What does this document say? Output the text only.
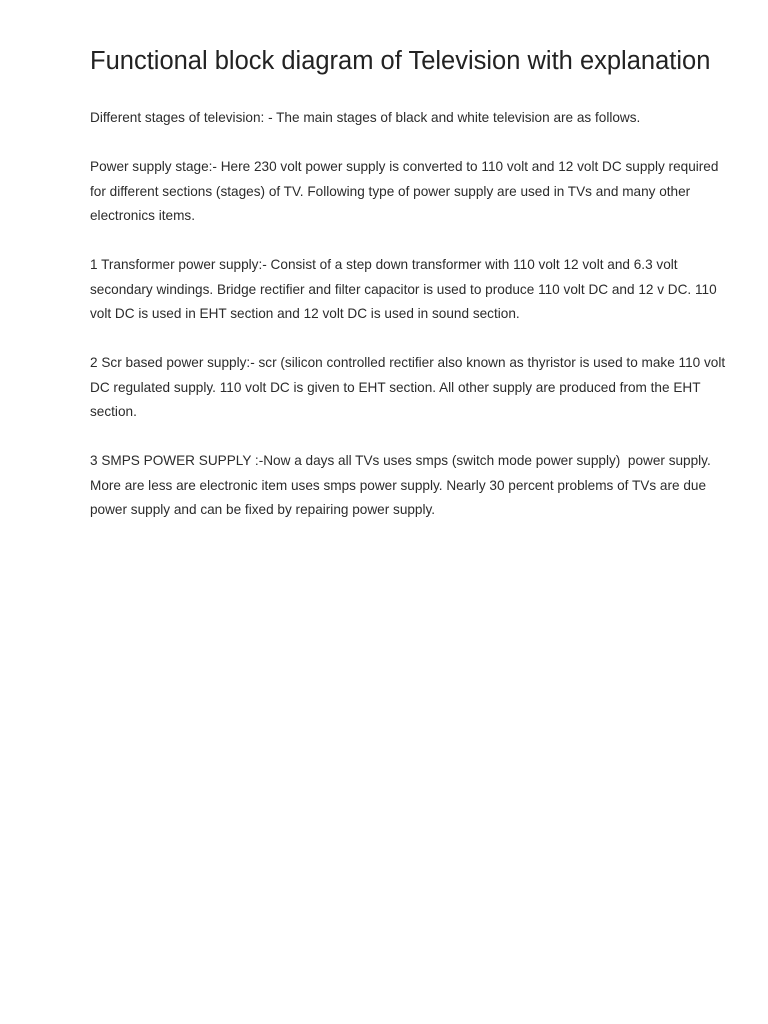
Functional block diagram of Television with explanation

Different stages of television: - The main stages of black and white television are as follows.

Power supply stage:- Here 230 volt power supply is converted to 110 volt and 12 volt DC supply required for different sections (stages) of TV. Following type of power supply are used in TVs and many other electronics items.

1 Transformer power supply:- Consist of a step down transformer with 110 volt 12 volt and 6.3 volt secondary windings. Bridge rectifier and filter capacitor is used to produce 110 volt DC and 12 v DC. 110 volt DC is used in EHT section and 12 volt DC is used in sound section.

2 Scr based power supply:- scr (silicon controlled rectifier also known as thyristor is used to make 110 volt DC regulated supply. 110 volt DC is given to EHT section. All other supply are produced from the EHT section.

3 SMPS POWER SUPPLY :-Now a days all TVs uses smps (switch mode power supply)  power supply. More are less are electronic item uses smps power supply. Nearly 30 percent problems of TVs are due power supply and can be fixed by repairing power supply.
